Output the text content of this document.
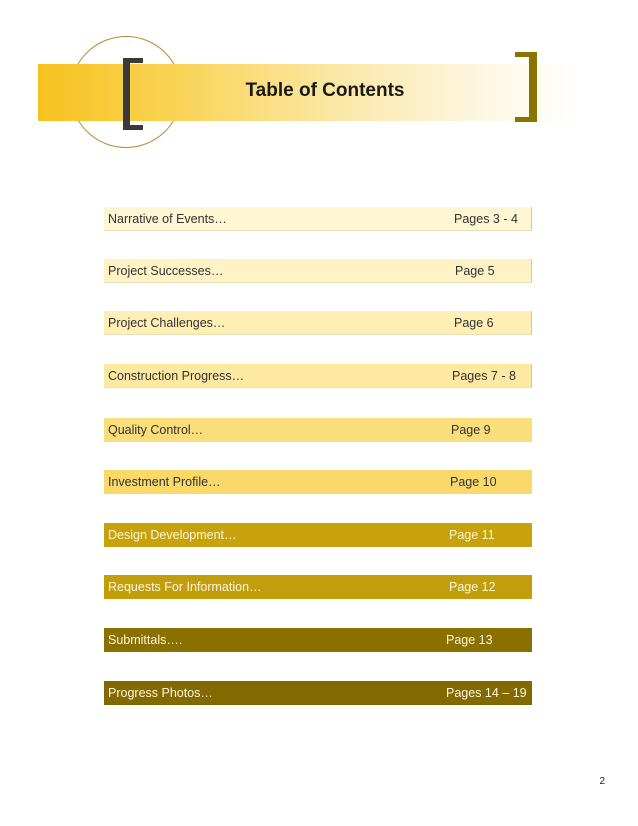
Table of Contents
Narrative of Events…	Pages 3 - 4
Project Successes…	Page 5
Project Challenges…	Page 6
Construction Progress…	Pages 7 - 8
Quality Control…	Page 9
Investment Profile…	Page 10
Design Development…	Page 11
Requests For Information…	Page 12
Submittals….	Page 13
Progress Photos…	Pages 14 – 19
2
